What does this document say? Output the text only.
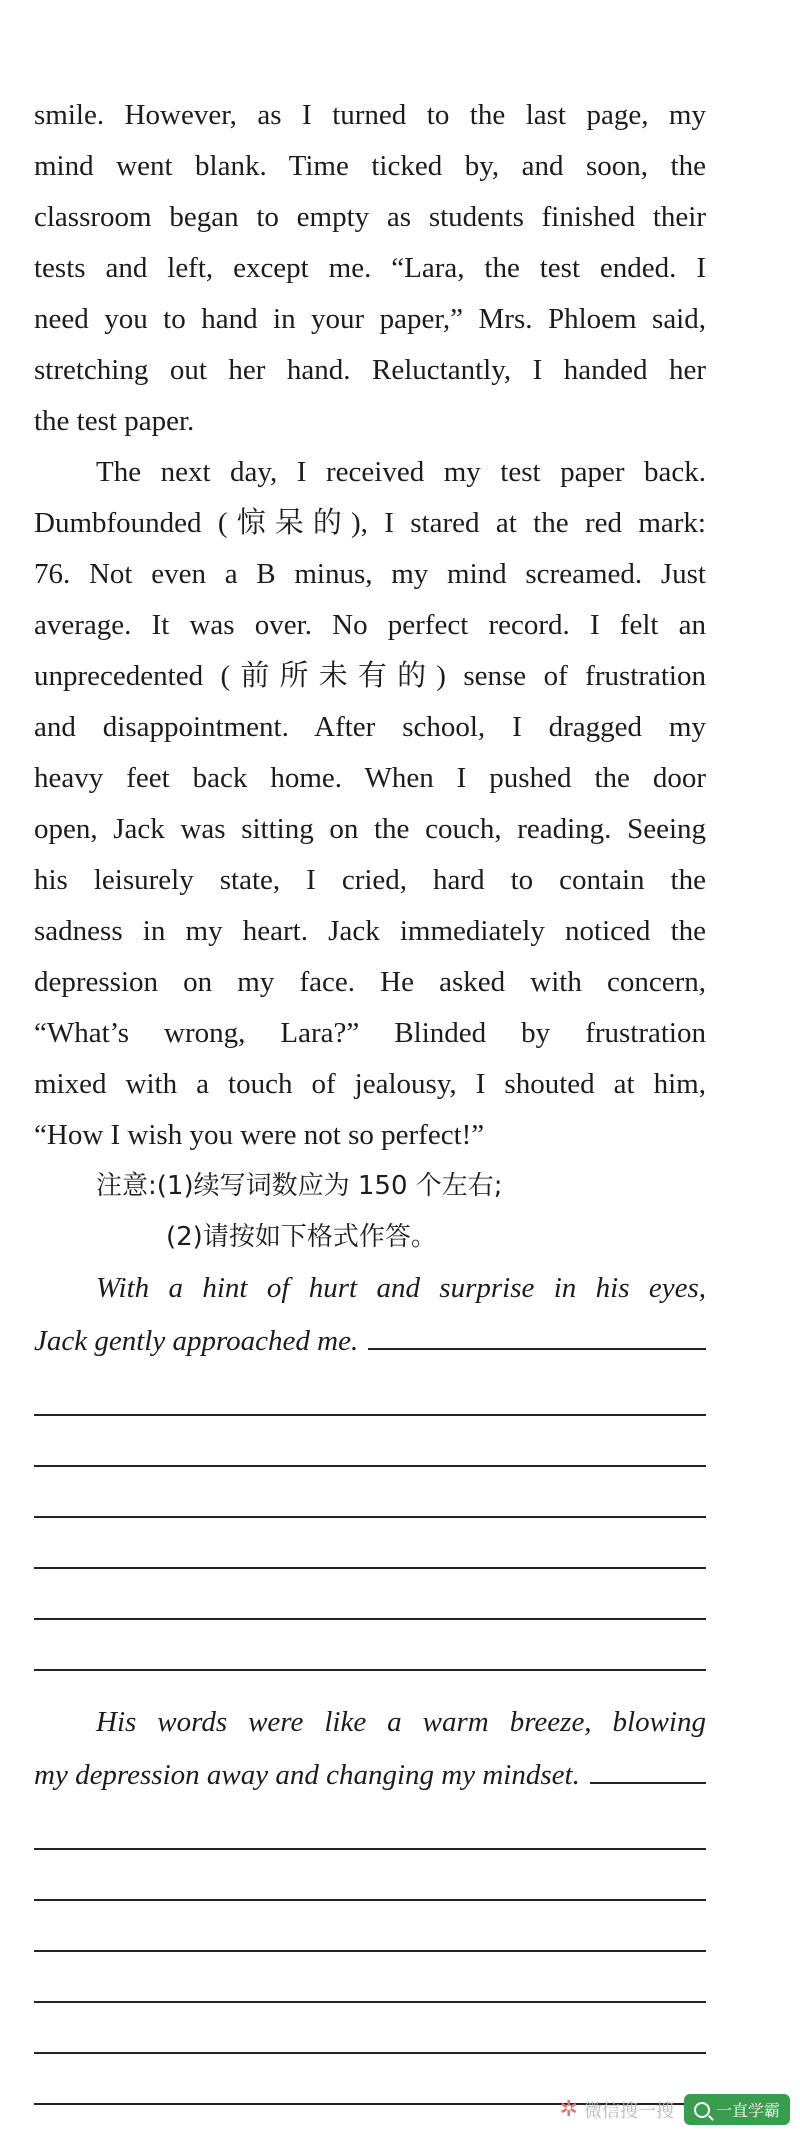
smile. However, as I turned to the last page, my
mind went blank. Time ticked by, and soon, the
classroom began to empty as students finished their
tests and left, except me. “Lara, the test ended. I
need you to hand in your paper,” Mrs. Phloem said,
stretching out her hand. Reluctantly, I handed her
the test paper.
The next day, I received my test paper back.
Dumbfounded (惊呆的), I stared at the red mark:
76. Not even a B minus, my mind screamed. Just
average. It was over. No perfect record. I felt an
unprecedented (前所未有的) sense of frustration
and disappointment. After school, I dragged my
heavy feet back home. When I pushed the door
open, Jack was sitting on the couch, reading. Seeing
his leisurely state, I cried, hard to contain the
sadness in my heart. Jack immediately noticed the
depression on my face. He asked with concern,
“What’s wrong, Lara?” Blinded by frustration
mixed with a touch of jealousy, I shouted at him,
“How I wish you were not so perfect!”
注意:(1)续写词数应为 150 个左右;
(2)请按如下格式作答。
With a hint of hurt and surprise in his eyes,
Jack gently approached me.
His words were like a warm breeze, blowing
my depression away and changing my mindset.
✲ 微信搜一搜	一直学霸
